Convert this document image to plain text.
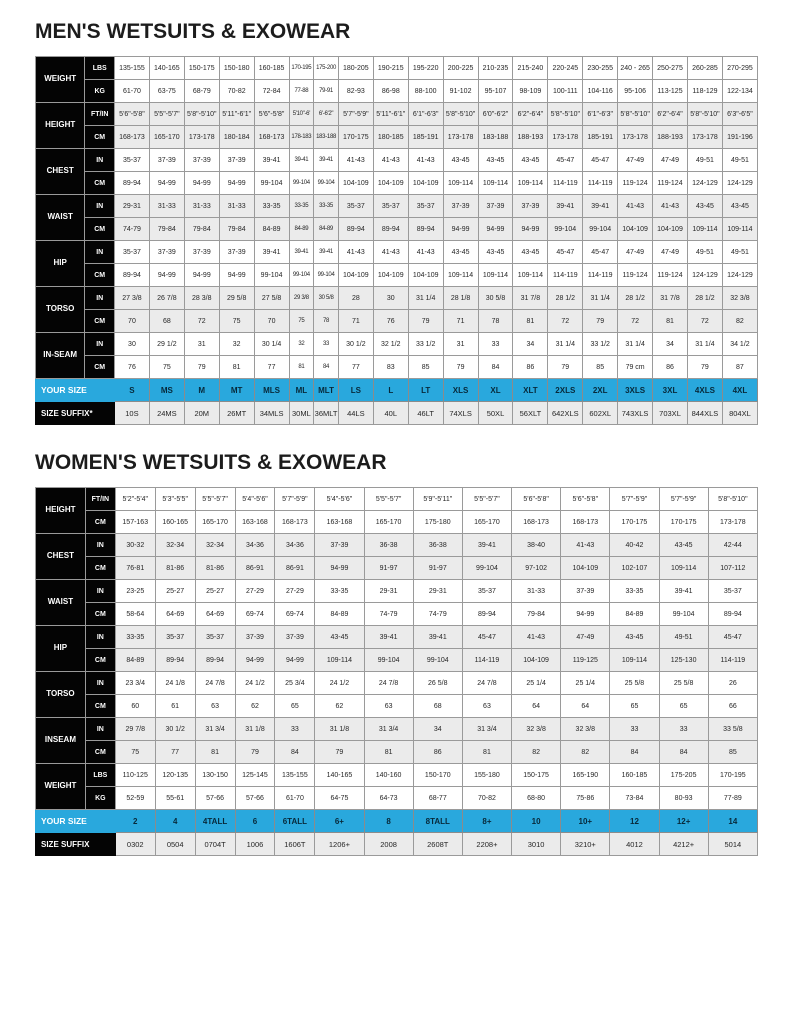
MEN'S WETSUITS & EXOWEAR
WEIGHT	LBS	135-155	140-165	150-175	150-180	160-185	170-195	175-200	180-205	190-215	195-220	200-225	210-235	215-240	220-245	230-255	240 - 265	250-275	260-285	270-295
	KG	61-70	63-75	68-79	70-82	72-84	77-88	79-91	82-93	86-98	88-100	91-102	95-107	98-109	100-111	104-116	95-106	113-125	118-129	122-134
HEIGHT	FT/IN	5'6"-5'8"	5'5"-5'7"	5'8"-5'10"	5'11"-6'1"	5'6"-5'8"	5'10"-6'	6'-6'2"	5'7"-5'9"	5'11"-6'1"	6'1"-6'3"	5'8"-5'10"	6'0"-6'2"	6'2"-6'4"	5'8"-5'10"	6'1"-6'3"	5'8"-5'10"	6'2"-6'4"	5'8"-5'10"	6'3"-6'5"
	CM	168-173	165-170	173-178	180-184	168-173	178-183	183-188	170-175	180-185	185-191	173-178	183-188	188-193	173-178	185-191	173-178	188-193	173-178	191-196
CHEST	IN	35-37	37-39	37-39	37-39	39-41	39-41	39-41	41-43	41-43	41-43	43-45	43-45	43-45	45-47	45-47	47-49	47-49	49-51	49-51
	CM	89-94	94-99	94-99	94-99	99-104	99-104	99-104	104-109	104-109	104-109	109-114	109-114	109-114	114-119	114-119	119-124	119-124	124-129	124-129
WAIST	IN	29-31	31-33	31-33	31-33	33-35	33-35	33-35	35-37	35-37	35-37	37-39	37-39	37-39	39-41	39-41	41-43	41-43	43-45	43-45
	CM	74-79	79-84	79-84	79-84	84-89	84-89	84-89	89-94	89-94	89-94	94-99	94-99	94-99	99-104	99-104	104-109	104-109	109-114	109-114
HIP	IN	35-37	37-39	37-39	37-39	39-41	39-41	39-41	41-43	41-43	41-43	43-45	43-45	43-45	45-47	45-47	47-49	47-49	49-51	49-51
	CM	89-94	94-99	94-99	94-99	99-104	99-104	99-104	104-109	104-109	104-109	109-114	109-114	109-114	114-119	114-119	119-124	119-124	124-129	124-129
TORSO	IN	27 3/8	26 7/8	28 3/8	29 5/8	27 5/8	29 3/8	30 5/8	28	30	31 1/4	28 1/8	30 5/8	31 7/8	28 1/2	31 1/4	28 1/2	31 7/8	28 1/2	32 3/8
	CM	70	68	72	75	70	75	78	71	76	79	71	78	81	72	79	72	81	72	82
IN-SEAM	IN	30	29 1/2	31	32	30 1/4	32	33	30 1/2	32 1/2	33 1/2	31	33	34	31 1/4	33 1/2	31 1/4	34	31 1/4	34 1/2
	CM	76	75	79	81	77	81	84	77	83	85	79	84	86	79	85	79 cm	86	79	87
YOUR SIZE		S	MS	M	MT	MLS	ML	MLT	LS	L	LT	XLS	XL	XLT	2XLS	2XL	3XLS	3XL	4XLS	4XL
SIZE SUFFIX*		10S	24MS	20M	26MT	34MLS	30ML	36MLT	44LS	40L	46LT	74XLS	50XL	56XLT	642XLS	602XL	743XLS	703XL	844XLS	804XL
WOMEN'S WETSUITS & EXOWEAR
HEIGHT	FT/IN	5'2"-5'4"	5'3"-5'5"	5'5"-5'7"	5'4"-5'6"	5'7"-5'9"	5'4"-5'6"	5'5"-5'7"	5'9"-5'11"	5'5"-5'7"	5'6"-5'8"	5'6"-5'8"	5'7"-5'9"	5'7"-5'9"	5'8"-5'10"
	CM	157-163	160-165	165-170	163-168	168-173	163-168	165-170	175-180	165-170	168-173	168-173	170-175	170-175	173-178
CHEST	IN	30-32	32-34	32-34	34-36	34-36	37-39	36-38	36-38	39-41	38-40	41-43	40-42	43-45	42-44
	CM	76-81	81-86	81-86	86-91	86-91	94-99	91-97	91-97	99-104	97-102	104-109	102-107	109-114	107-112
WAIST	IN	23-25	25-27	25-27	27-29	27-29	33-35	29-31	29-31	35-37	31-33	37-39	33-35	39-41	35-37
	CM	58-64	64-69	64-69	69-74	69-74	84-89	74-79	74-79	89-94	79-84	94-99	84-89	99-104	89-94
HIP	IN	33-35	35-37	35-37	37-39	37-39	43-45	39-41	39-41	45-47	41-43	47-49	43-45	49-51	45-47
	CM	84-89	89-94	89-94	94-99	94-99	109-114	99-104	99-104	114-119	104-109	119-125	109-114	125-130	114-119
TORSO	IN	23 3/4	24 1/8	24 7/8	24 1/2	25 3/4	24 1/2	24 7/8	26 5/8	24 7/8	25 1/4	25 1/4	25 5/8	25 5/8	26
	CM	60	61	63	62	65	62	63	68	63	64	64	65	65	66
INSEAM	IN	29 7/8	30 1/2	31 3/4	31 1/8	33	31 1/8	31 3/4	34	31 3/4	32 3/8	32 3/8	33	33	33 5/8
	CM	75	77	81	79	84	79	81	86	81	82	82	84	84	85
WEIGHT	LBS	110-125	120-135	130-150	125-145	135-155	140-165	140-160	150-170	155-180	150-175	165-190	160-185	175-205	170-195
	KG	52-59	55-61	57-66	57-66	61-70	64-75	64-73	68-77	70-82	68-80	75-86	73-84	80-93	77-89
YOUR SIZE		2	4	4TALL	6	6TALL	6+	8	8TALL	8+	10	10+	12	12+	14
SIZE SUFFIX		0302	0504	0704T	1006	1606T	1206+	2008	2608T	2208+	3010	3210+	4012	4212+	5014
